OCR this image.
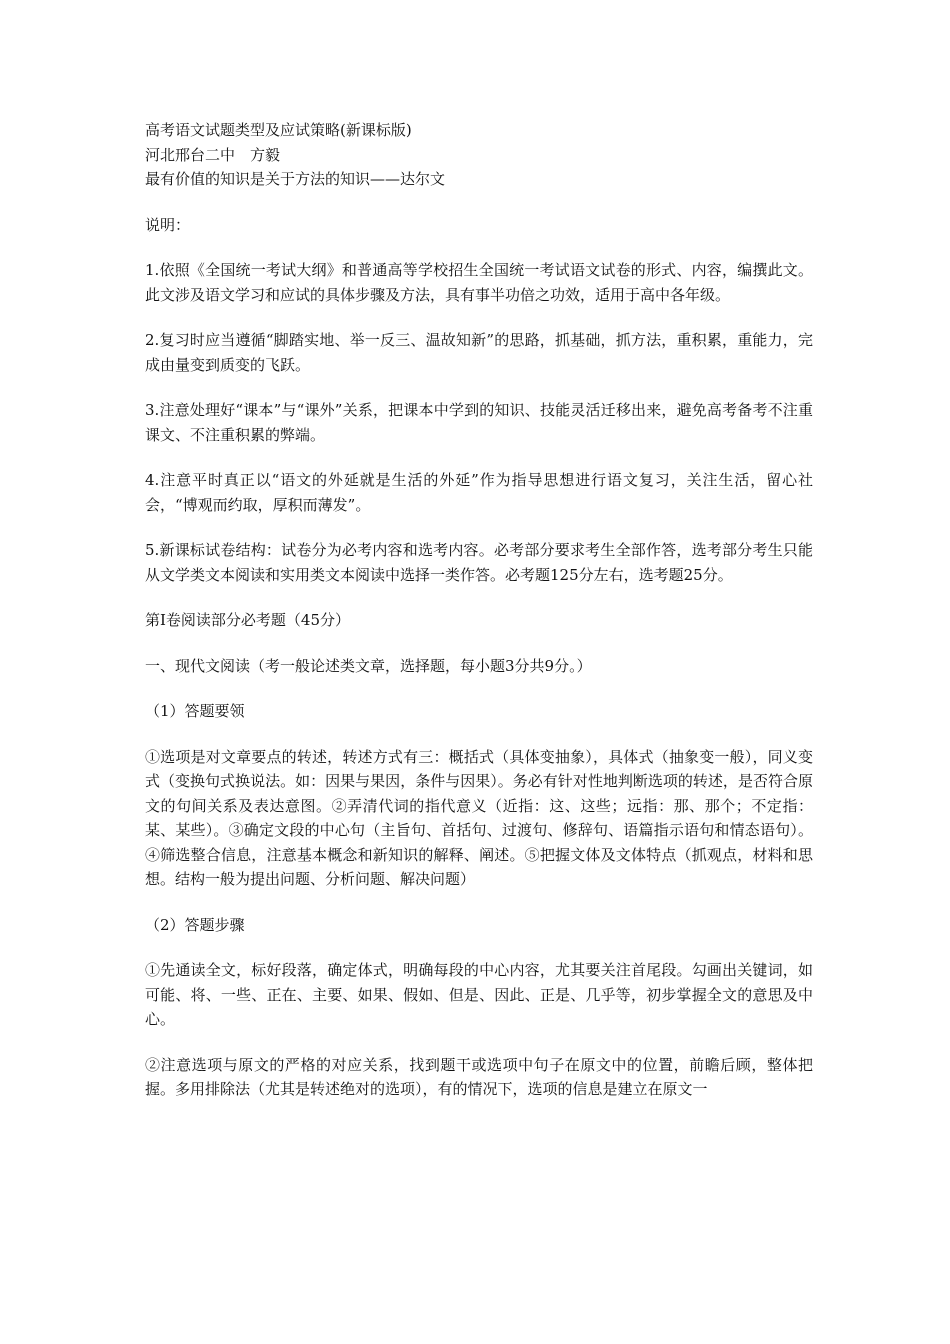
高考语文试题类型及应试策略(新课标版)

河北邢台二中　方毅

最有价值的知识是关于方法的知识——达尔文

说明：

1.依照《全国统一考试大纲》和普通高等学校招生全国统一考试语文试卷的形式、内容，编撰此文。此文涉及语文学习和应试的具体步骤及方法，具有事半功倍之功效，适用于高中各年级。

2.复习时应当遵循“脚踏实地、举一反三、温故知新”的思路，抓基础，抓方法，重积累，重能力，完成由量变到质变的飞跃。

3.注意处理好“课本”与“课外”关系，把课本中学到的知识、技能灵活迁移出来，避免高考备考不注重课文、不注重积累的弊端。

4.注意平时真正以“语文的外延就是生活的外延”作为指导思想进行语文复习，关注生活，留心社会，“博观而约取，厚积而薄发”。

5.新课标试卷结构：试卷分为必考内容和选考内容。必考部分要求考生全部作答，选考部分考生只能从文学类文本阅读和实用类文本阅读中选择一类作答。必考题125分左右，选考题25分。

第Ⅰ卷阅读部分必考题（45分）

一、现代文阅读（考一般论述类文章，选择题，每小题3分共9分。）

（1）答题要领

①选项是对文章要点的转述，转述方式有三：概括式（具体变抽象），具体式（抽象变一般），同义变式（变换句式换说法。如：因果与果因，条件与因果）。务必有针对性地判断选项的转述，是否符合原文的句间关系及表达意图。②弄清代词的指代意义（近指：这、这些；远指：那、那个；不定指：某、某些）。③确定文段的中心句（主旨句、首括句、过渡句、修辞句、语篇指示语句和情态语句）。④筛选整合信息，注意基本概念和新知识的解释、阐述。⑤把握文体及文体特点（抓观点，材料和思想。结构一般为提出问题、分析问题、解决问题）

（2）答题步骤

①先通读全文，标好段落，确定体式，明确每段的中心内容，尤其要关注首尾段。勾画出关键词，如可能、将、一些、正在、主要、如果、假如、但是、因此、正是、几乎等，初步掌握全文的意思及中心。

②注意选项与原文的严格的对应关系，找到题干或选项中句子在原文中的位置，前瞻后顾，整体把握。多用排除法（尤其是转述绝对的选项），有的情况下，选项的信息是建立在原文一
